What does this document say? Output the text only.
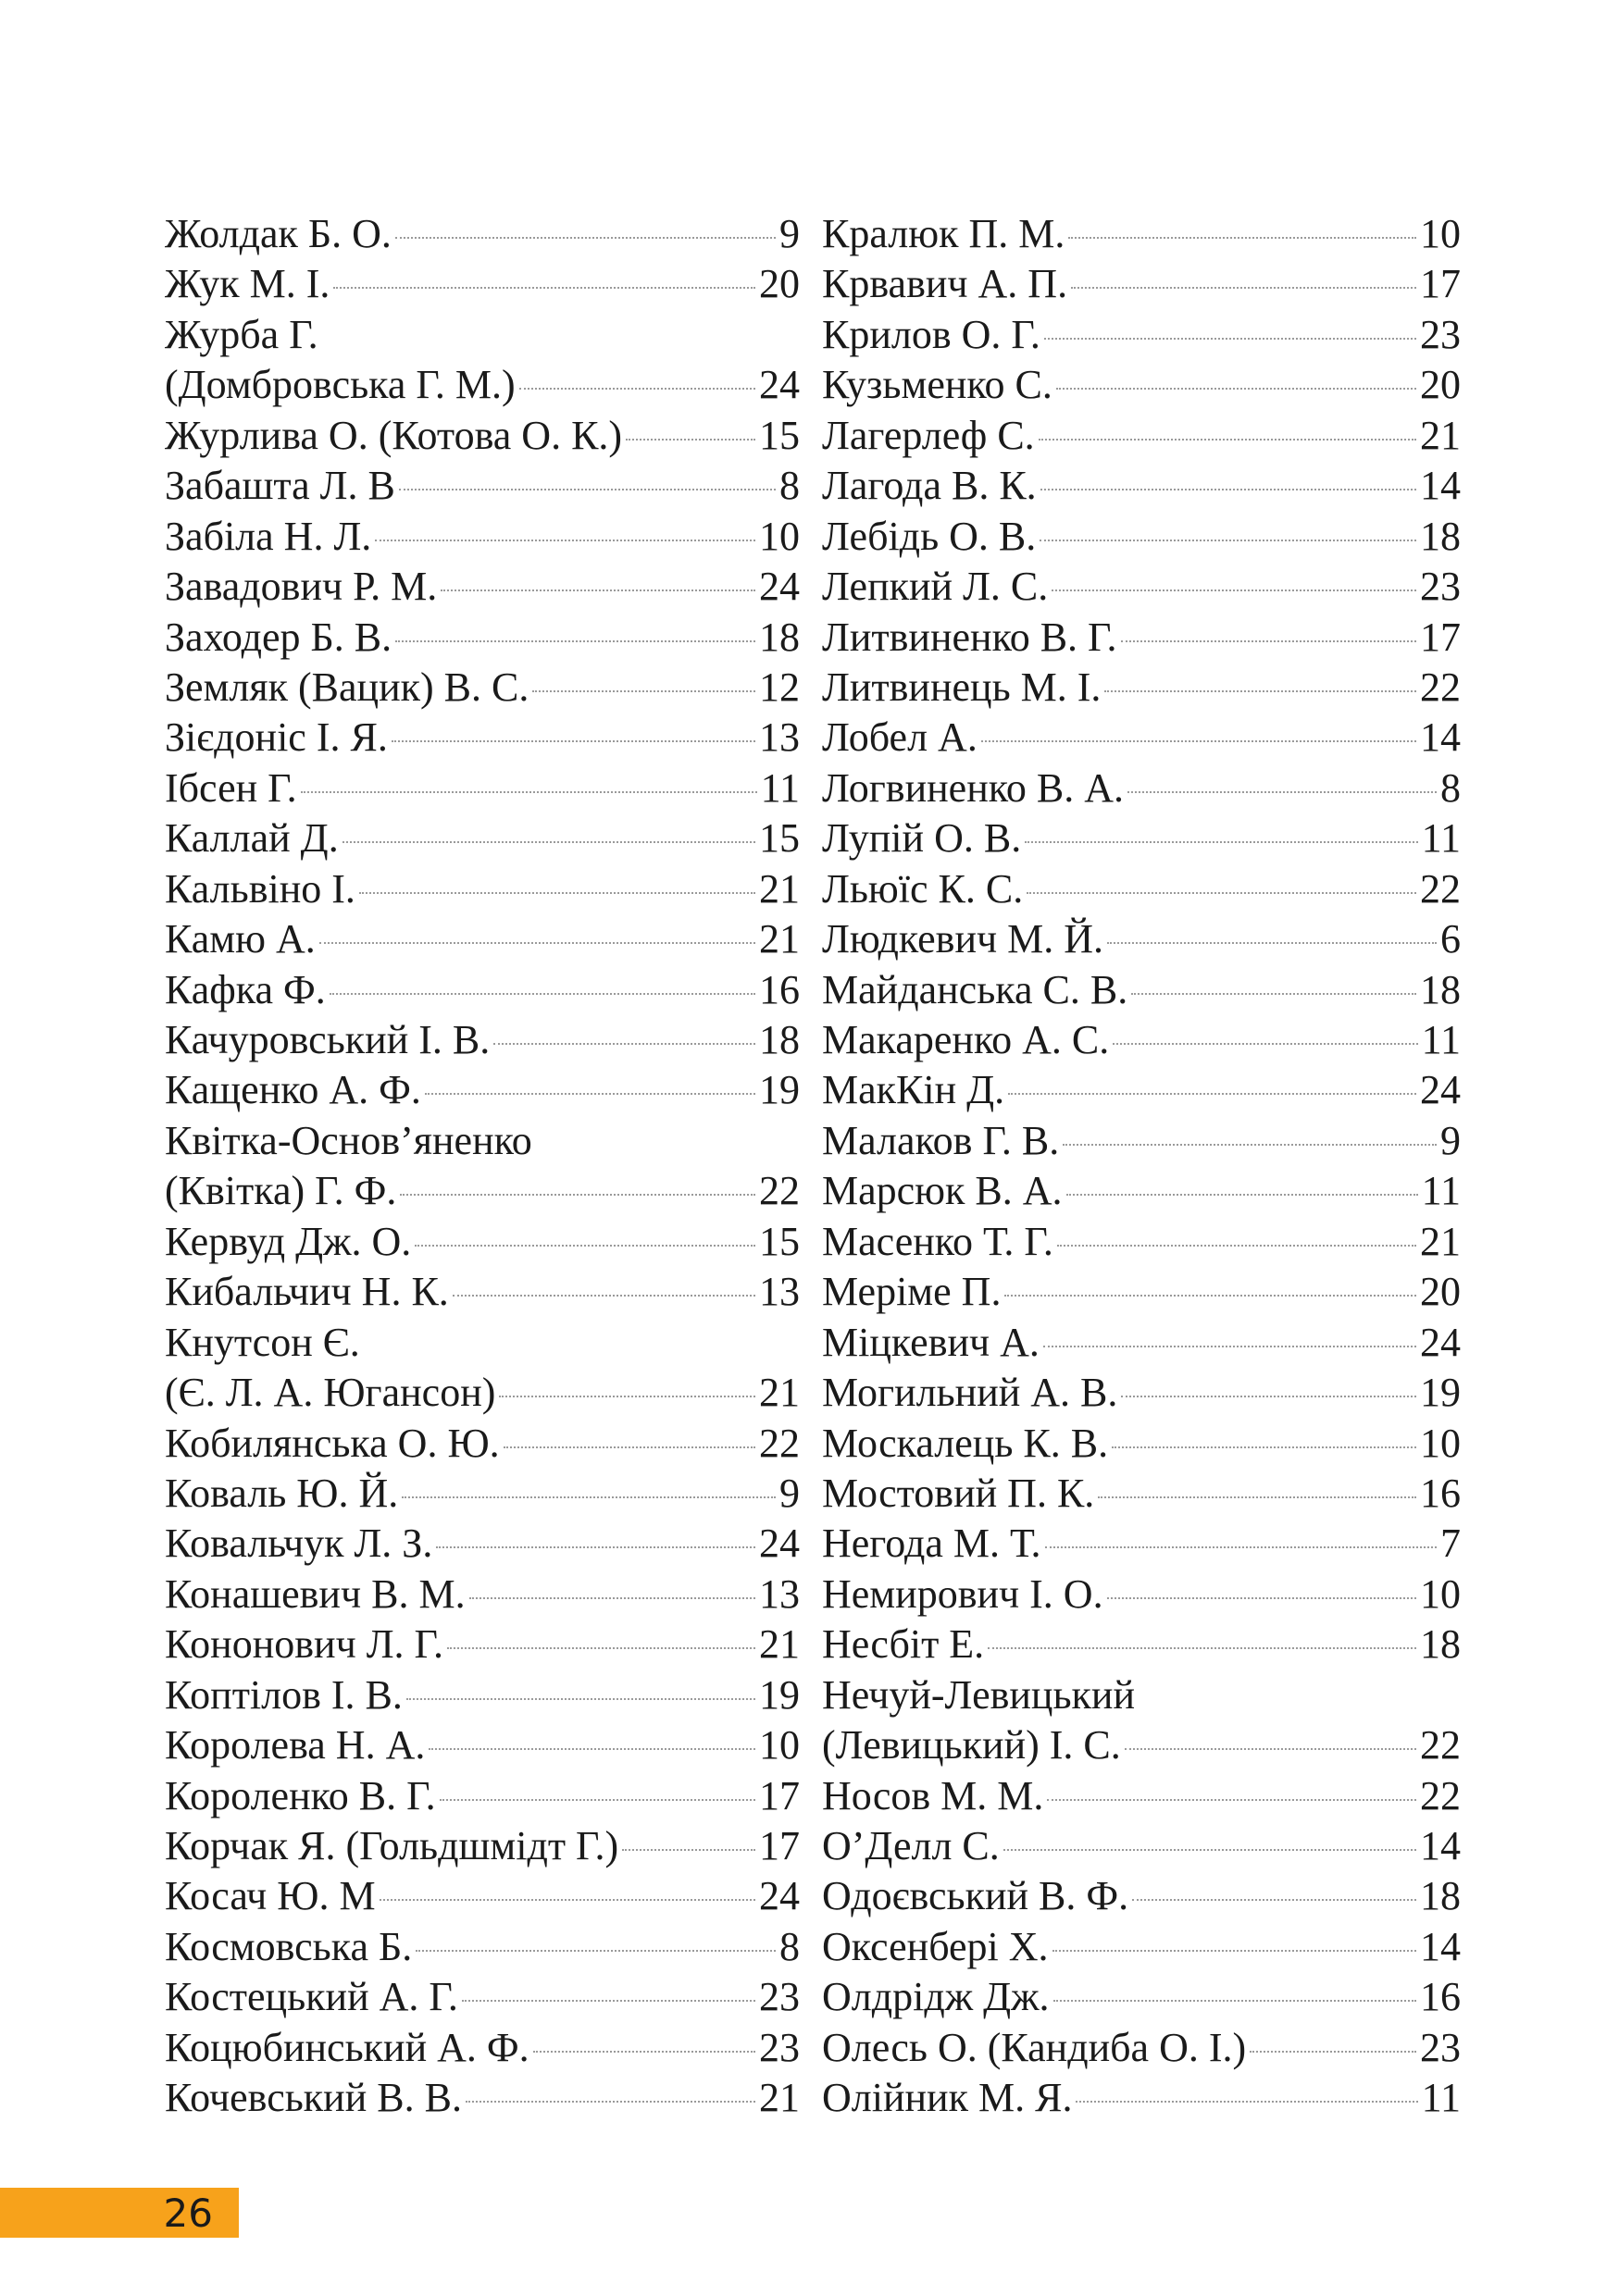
Жолдак Б. О.	9
Жук М. І.	20
Журба Г.
(Домбровська Г. М.)	24
Журлива О. (Котова О. К.)	15
Забашта Л. В	8
Забіла Н. Л.	10
Завадович Р. М.	24
Заходер Б. В.	18
Земляк (Вацик) В. С.	12
Зієдоніс І. Я.	13
Ібсен Г.	11
Каллай Д.	15
Кальвіно І.	21
Камю А.	21
Кафка Ф.	16
Качуровський І. В.	18
Кащенко А. Ф.	19
Квітка-Основ’яненко
(Квітка) Г. Ф.	22
Кервуд Дж. О.	15
Кибальчич Н. К.	13
Кнутсон Є.
(Є. Л. А. Югансон)	21
Кобилянська О. Ю.	22
Коваль Ю. Й.	9
Ковальчук Л. З.	24
Конашевич В. М.	13
Кононович Л. Г.	21
Коптілов І. В.	19
Королева Н. А.	10
Короленко В. Г.	17
Корчак Я. (Гольдшмідт Г.)	17
Косач Ю. М	24
Космовська Б.	8
Костецький А. Г.	23
Коцюбинський А. Ф.	23
Кочевський В. В.	21
Кралюк П. М.	10
Крвавич А. П.	17
Крилов О. Г.	23
Кузьменко С.	20
Лагерлеф С.	21
Лагода В. К.	14
Лебідь О. В.	18
Лепкий Л. С.	23
Литвиненко В. Г.	17
Литвинець М. І.	22
Лобел А.	14
Логвиненко В. А.	8
Лупій О. В.	11
Льюїс К. С.	22
Людкевич М. Й.	6
Майданська С. В.	18
Макаренко А. С.	11
МакКін Д.	24
Малаков Г. В.	9
Марсюк В. А.	11
Масенко Т. Г.	21
Меріме П.	20
Міцкевич А.	24
Могильний А. В.	19
Москалець К. В.	10
Мостовий П. К.	16
Негода М. Т.	7
Немирович І. О.	10
Несбіт Е.	18
Нечуй-Левицький
(Левицький) І. С.	22
Носов М. М.	22
О’Делл С.	14
Одоєвський В. Ф.	18
Оксенбері Х.	14
Олдрідж Дж.	16
Олесь О. (Кандиба О. І.)	23
Олійник М. Я.	11
26
